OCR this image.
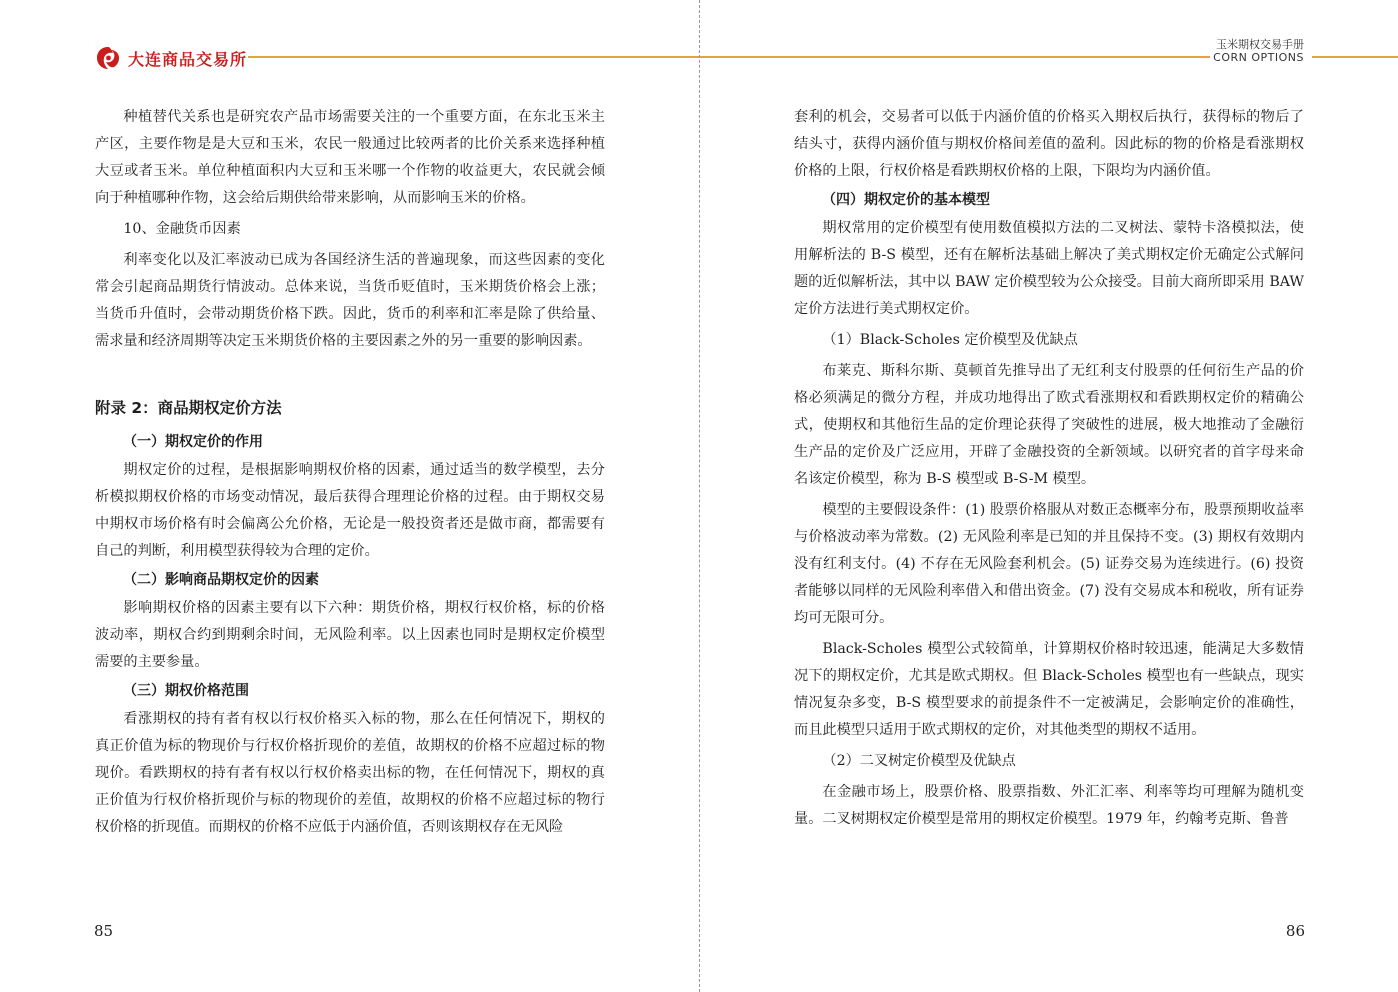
大连商品交易所

种植替代关系也是研究农产品市场需要关注的一个重要方面，在东北玉米主产区，主要作物是是大豆和玉米，农民一般通过比较两者的比价关系来选择种植大豆或者玉米。单位种植面积内大豆和玉米哪一个作物的收益更大，农民就会倾向于种植哪种作物，这会给后期供给带来影响，从而影响玉米的价格。

10、金融货币因素

利率变化以及汇率波动已成为各国经济生活的普遍现象，而这些因素的变化常会引起商品期货行情波动。总体来说，当货币贬值时，玉米期货价格会上涨；当货币升值时，会带动期货价格下跌。因此，货币的利率和汇率是除了供给量、需求量和经济周期等决定玉米期货价格的主要因素之外的另一重要的影响因素。

附录 2：商品期权定价方法
（一）期权定价的作用

期权定价的过程，是根据影响期权价格的因素，通过适当的数学模型，去分析模拟期权价格的市场变动情况，最后获得合理理论价格的过程。由于期权交易中期权市场价格有时会偏离公允价格，无论是一般投资者还是做市商，都需要有自己的判断，利用模型获得较为合理的定价。

（二）影响商品期权定价的因素

影响期权价格的因素主要有以下六种：期货价格，期权行权价格，标的价格波动率，期权合约到期剩余时间，无风险利率。以上因素也同时是期权定价模型需要的主要参量。

（三）期权价格范围

看涨期权的持有者有权以行权价格买入标的物，那么在任何情况下，期权的真正价值为标的物现价与行权价格折现价的差值，故期权的价格不应超过标的物现价。看跌期权的持有者有权以行权价格卖出标的物，在任何情况下，期权的真正价值为行权价格折现价与标的物现价的差值，故期权的价格不应超过标的物行权价格的折现值。而期权的价格不应低于内涵价值，否则该期权存在无风险

85
玉米期权交易手册
CORN OPTIONS

套利的机会，交易者可以低于内涵价值的价格买入期权后执行，获得标的物后了结头寸，获得内涵价值与期权价格间差值的盈利。因此标的物的价格是看涨期权价格的上限，行权价格是看跌期权价格的上限，下限均为内涵价值。

（四）期权定价的基本模型

期权常用的定价模型有使用数值模拟方法的二叉树法、蒙特卡洛模拟法，使用解析法的 B-S 模型，还有在解析法基础上解决了美式期权定价无确定公式解问题的近似解析法，其中以 BAW 定价模型较为公众接受。目前大商所即采用 BAW 定价方法进行美式期权定价。

（1）Black-Scholes 定价模型及优缺点

布莱克、斯科尔斯、莫顿首先推导出了无红利支付股票的任何衍生产品的价格必须满足的微分方程，并成功地得出了欧式看涨期权和看跌期权定价的精确公式，使期权和其他衍生品的定价理论获得了突破性的进展，极大地推动了金融衍生产品的定价及广泛应用，开辟了金融投资的全新领域。以研究者的首字母来命名该定价模型，称为 B-S 模型或 B-S-M 模型。

模型的主要假设条件：(1) 股票价格服从对数正态概率分布，股票预期收益率与价格波动率为常数。(2) 无风险利率是已知的并且保持不变。(3) 期权有效期内没有红利支付。(4) 不存在无风险套利机会。(5) 证券交易为连续进行。(6) 投资者能够以同样的无风险利率借入和借出资金。(7) 没有交易成本和税收，所有证券均可无限可分。

Black-Scholes 模型公式较简单，计算期权价格时较迅速，能满足大多数情况下的期权定价，尤其是欧式期权。但 Black-Scholes 模型也有一些缺点，现实情况复杂多变，B-S 模型要求的前提条件不一定被满足，会影响定价的准确性，而且此模型只适用于欧式期权的定价，对其他类型的期权不适用。

（2）二叉树定价模型及优缺点

在金融市场上，股票价格、股票指数、外汇汇率、利率等均可理解为随机变量。二叉树期权定价模型是常用的期权定价模型。1979 年，约翰考克斯、鲁普

86
